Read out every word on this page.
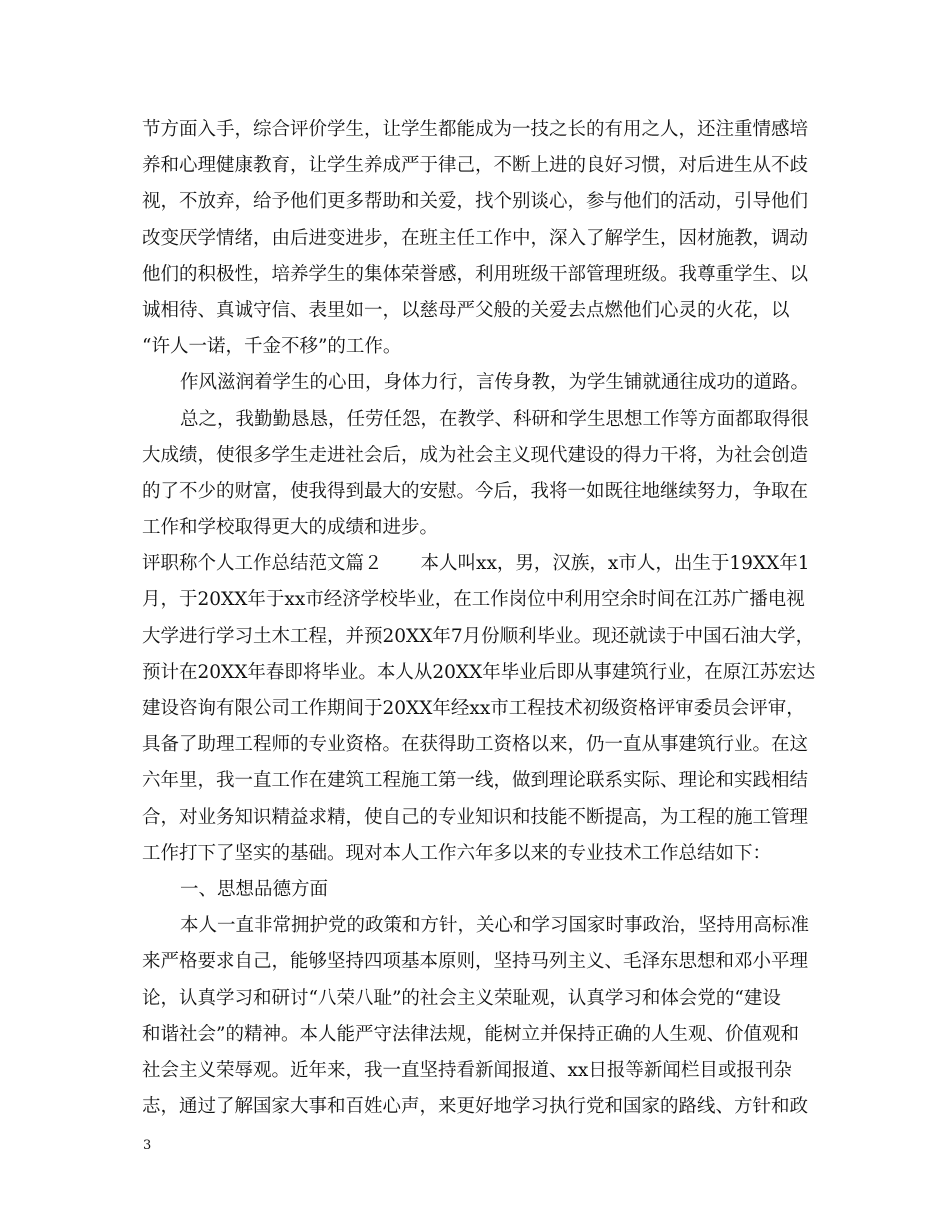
节方面入手，综合评价学生，让学生都能成为一技之长的有用之人，还注重情感培
养和心理健康教育，让学生养成严于律己，不断上进的良好习惯，对后进生从不歧
视，不放弃，给予他们更多帮助和关爱，找个别谈心，参与他们的活动，引导他们
改变厌学情绪，由后进变进步，在班主任工作中，深入了解学生，因材施教，调动
他们的积极性，培养学生的集体荣誉感，利用班级干部管理班级。我尊重学生、以
诚相待、真诚守信、表里如一，以慈母严父般的关爱去点燃他们心灵的火花，以
“许人一诺，千金不移”的工作。
作风滋润着学生的心田，身体力行，言传身教，为学生铺就通往成功的道路。
总之，我勤勤恳恳，任劳任怨，在教学、科研和学生思想工作等方面都取得很
大成绩，使很多学生走进社会后，成为社会主义现代建设的得力干将，为社会创造
的了不少的财富，使我得到最大的安慰。今后，我将一如既往地继续努力，争取在
工作和学校取得更大的成绩和进步。
评职称个人工作总结范文篇２ 本人叫xx，男，汉族，x市人，出生于19XX年1
月，于20XX年于xx市经济学校毕业，在工作岗位中利用空余时间在江苏广播电视
大学进行学习土木工程，并预20XX年7月份顺利毕业。现还就读于中国石油大学，
预计在20XX年春即将毕业。本人从20XX年毕业后即从事建筑行业，在原江苏宏达
建设咨询有限公司工作期间于20XX年经xx市工程技术初级资格评审委员会评审，
具备了助理工程师的专业资格。在获得助工资格以来，仍一直从事建筑行业。在这
六年里，我一直工作在建筑工程施工第一线，做到理论联系实际、理论和实践相结
合，对业务知识精益求精，使自己的专业知识和技能不断提高，为工程的施工管理
工作打下了坚实的基础。现对本人工作六年多以来的专业技术工作总结如下：
一、思想品德方面
本人一直非常拥护党的政策和方针，关心和学习国家时事政治，坚持用高标准
来严格要求自己，能够坚持四项基本原则，坚持马列主义、毛泽东思想和邓小平理
论，认真学习和研讨“八荣八耻”的社会主义荣耻观，认真学习和体会党的“建设
和谐社会”的精神。本人能严守法律法规，能树立并保持正确的人生观、价值观和
社会主义荣辱观。近年来，我一直坚持看新闻报道、xx日报等新闻栏目或报刊杂
志，通过了解国家大事和百姓心声，来更好地学习执行党和国家的路线、方针和政
3
